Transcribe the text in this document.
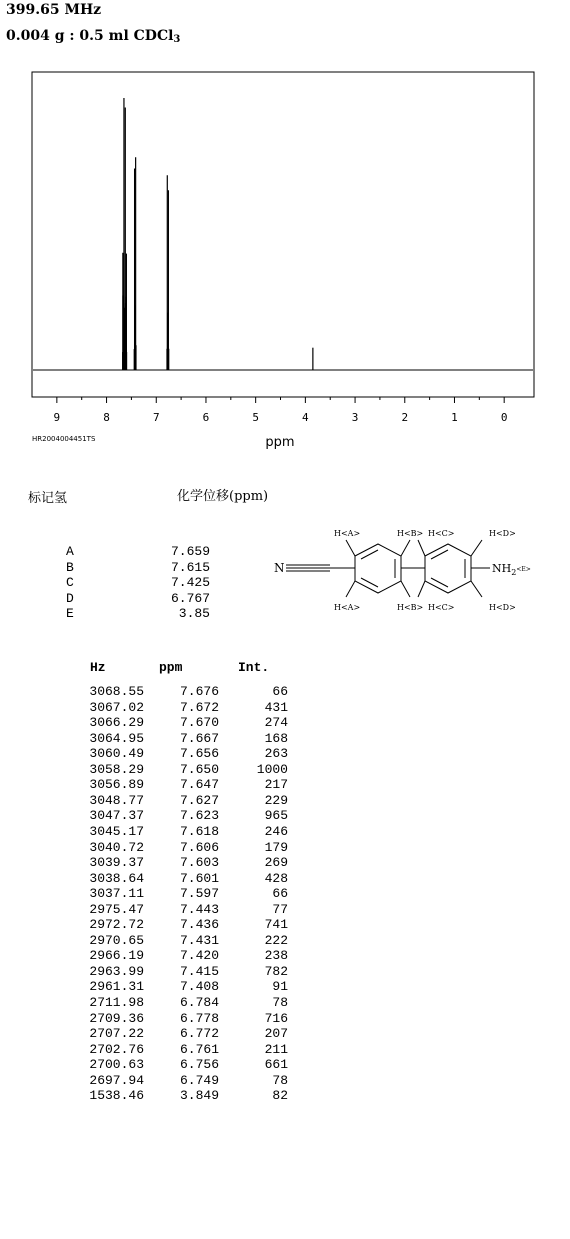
399.65 MHz
0.004 g : 0.5 ml CDCl$_3$
9	8	7	6	5	4	3	2	1	0
ppm
HR2004004451TS
标记氢	化学位移(ppm)
A	7.659
B	7.615
C	7.425
D	6.767
E	3.85
N	$NH_2^{<E>}$
H<A>	H<B> H<C>	H<D>
H<A>	H<B> H<C>	H<D>
Hz	ppm	Int.
3068.55	7.676	66
3067.02	7.672	431
3066.29	7.670	274
3064.95	7.667	168
3060.49	7.656	263
3058.29	7.650	1000
3056.89	7.647	217
3048.77	7.627	229
3047.37	7.623	965
3045.17	7.618	246
3040.72	7.606	179
3039.37	7.603	269
3038.64	7.601	428
3037.11	7.597	66
2975.47	7.443	77
2972.72	7.436	741
2970.65	7.431	222
2966.19	7.420	238
2963.99	7.415	782
2961.31	7.408	91
2711.98	6.784	78
2709.36	6.778	716
2707.22	6.772	207
2702.76	6.761	211
2700.63	6.756	661
2697.94	6.749	78
1538.46	3.849	82
